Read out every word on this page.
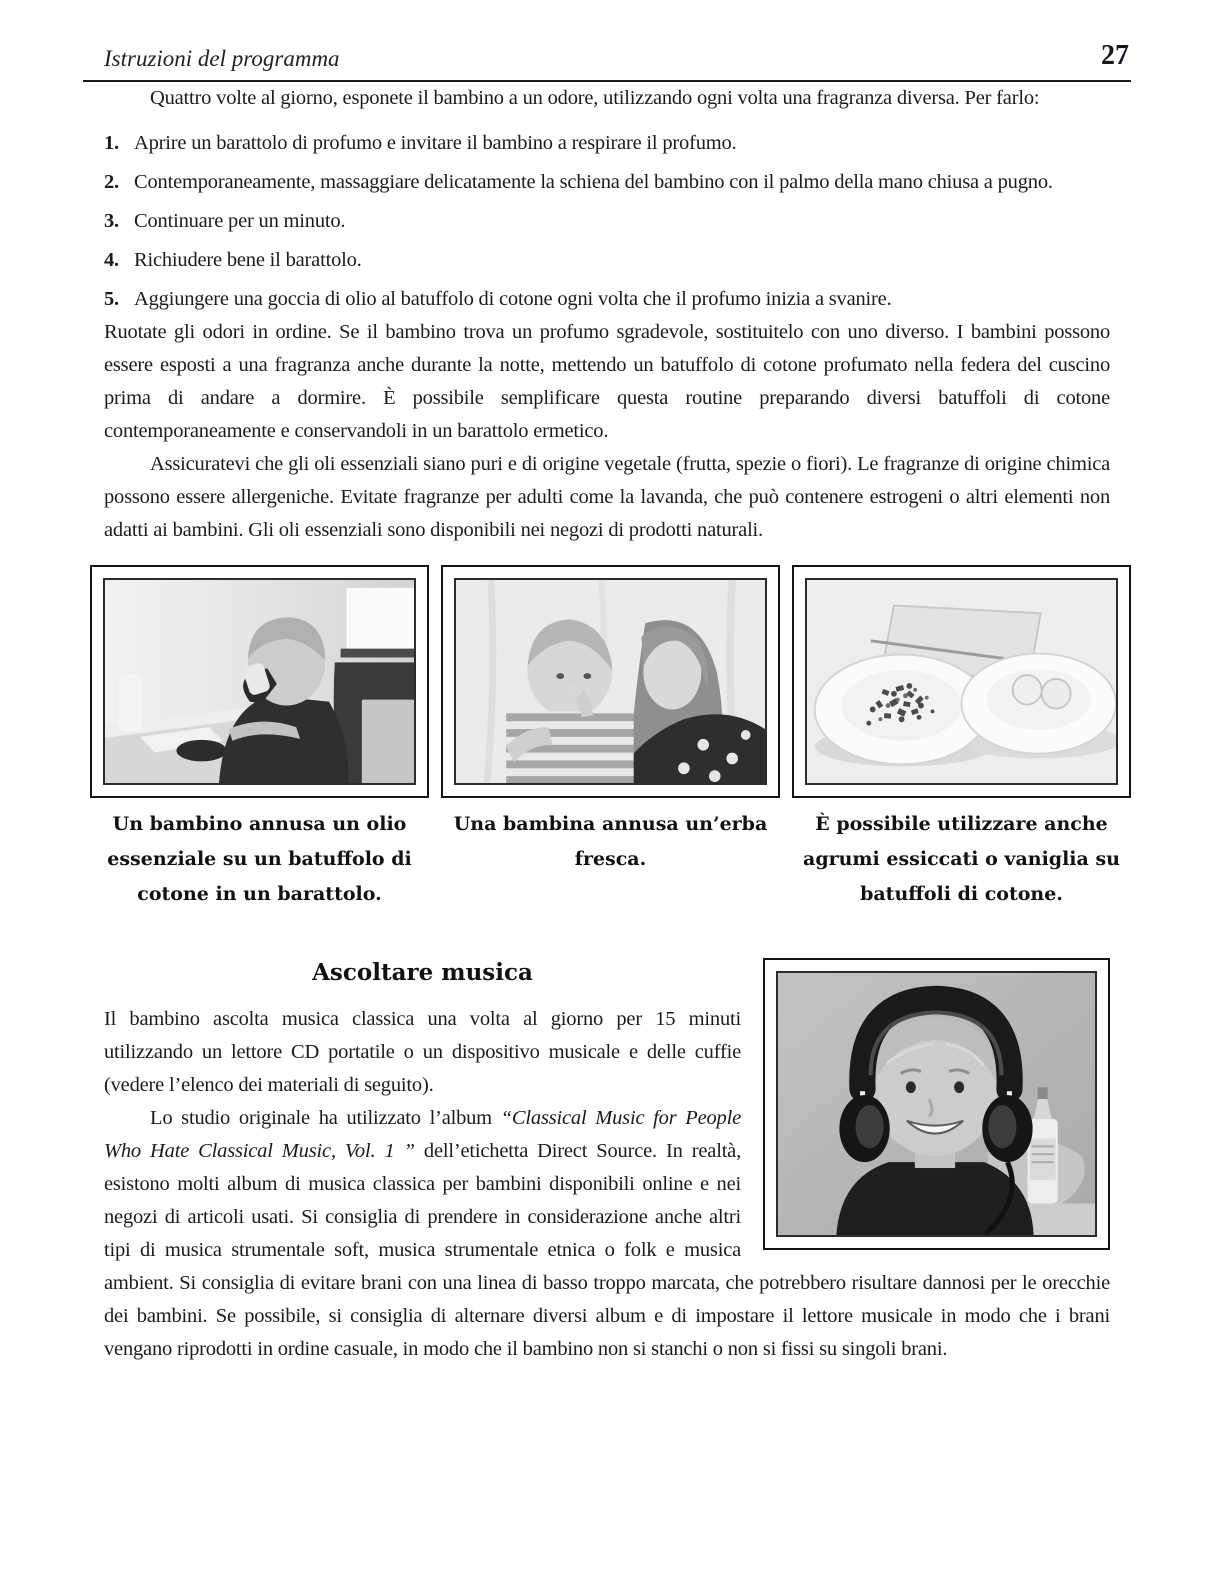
Istruzioni del programma	27

Quattro volte al giorno, esponete il bambino a un odore, utilizzando ogni volta una fragranza diversa. Per farlo:

1. Aprire un barattolo di profumo e invitare il bambino a respirare il profumo.
2. Contemporaneamente, massaggiare delicatamente la schiena del bambino con il palmo della mano chiusa a pugno.
3. Continuare per un minuto.
4. Richiudere bene il barattolo.
5. Aggiungere una goccia di olio al batuffolo di cotone ogni volta che il profumo inizia a svanire.

Ruotate gli odori in ordine. Se il bambino trova un profumo sgradevole, sostituitelo con uno diverso. I bambini possono essere esposti a una fragranza anche durante la notte, mettendo un batuffolo di cotone profumato nella federa del cuscino prima di andare a dormire. È possibile semplificare questa routine preparando diversi batuffoli di cotone contemporaneamente e conservandoli in un barattolo ermetico.

Assicuratevi che gli oli essenziali siano puri e di origine vegetale (frutta, spezie o fiori). Le fragranze di origine chimica possono essere allergeniche. Evitate fragranze per adulti come la lavanda, che può contenere estrogeni o altri elementi non adatti ai bambini. Gli oli essenziali sono disponibili nei negozi di prodotti naturali.

Un bambino annusa un olio essenziale su un batuffolo di cotone in un barattolo.
Una bambina annusa un’erba fresca.
È possibile utilizzare anche agrumi essiccati o vaniglia su batuffoli di cotone.
Ascoltare musica

Il bambino ascolta musica classica una volta al giorno per 15 minuti utilizzando un lettore CD portatile o un dispositivo musicale e delle cuffie (vedere l’elenco dei materiali di seguito).

Lo studio originale ha utilizzato l’album “Classical Music for People Who Hate Classical Music, Vol. 1 ” dell’etichetta Direct Source. In realtà, esistono molti album di musica classica per bambini disponibili online e nei negozi di articoli usati. Si consiglia di prendere in considerazione anche altri tipi di musica strumentale soft, musica strumentale etnica o folk e musica ambient. Si consiglia di evitare brani con una linea di basso troppo marcata, che potrebbero risultare dannosi per le orecchie dei bambini. Se possibile, si consiglia di alternare diversi album e di impostare il lettore musicale in modo che i brani vengano riprodotti in ordine casuale, in modo che il bambino non si stanchi o non si fissi su singoli brani.
